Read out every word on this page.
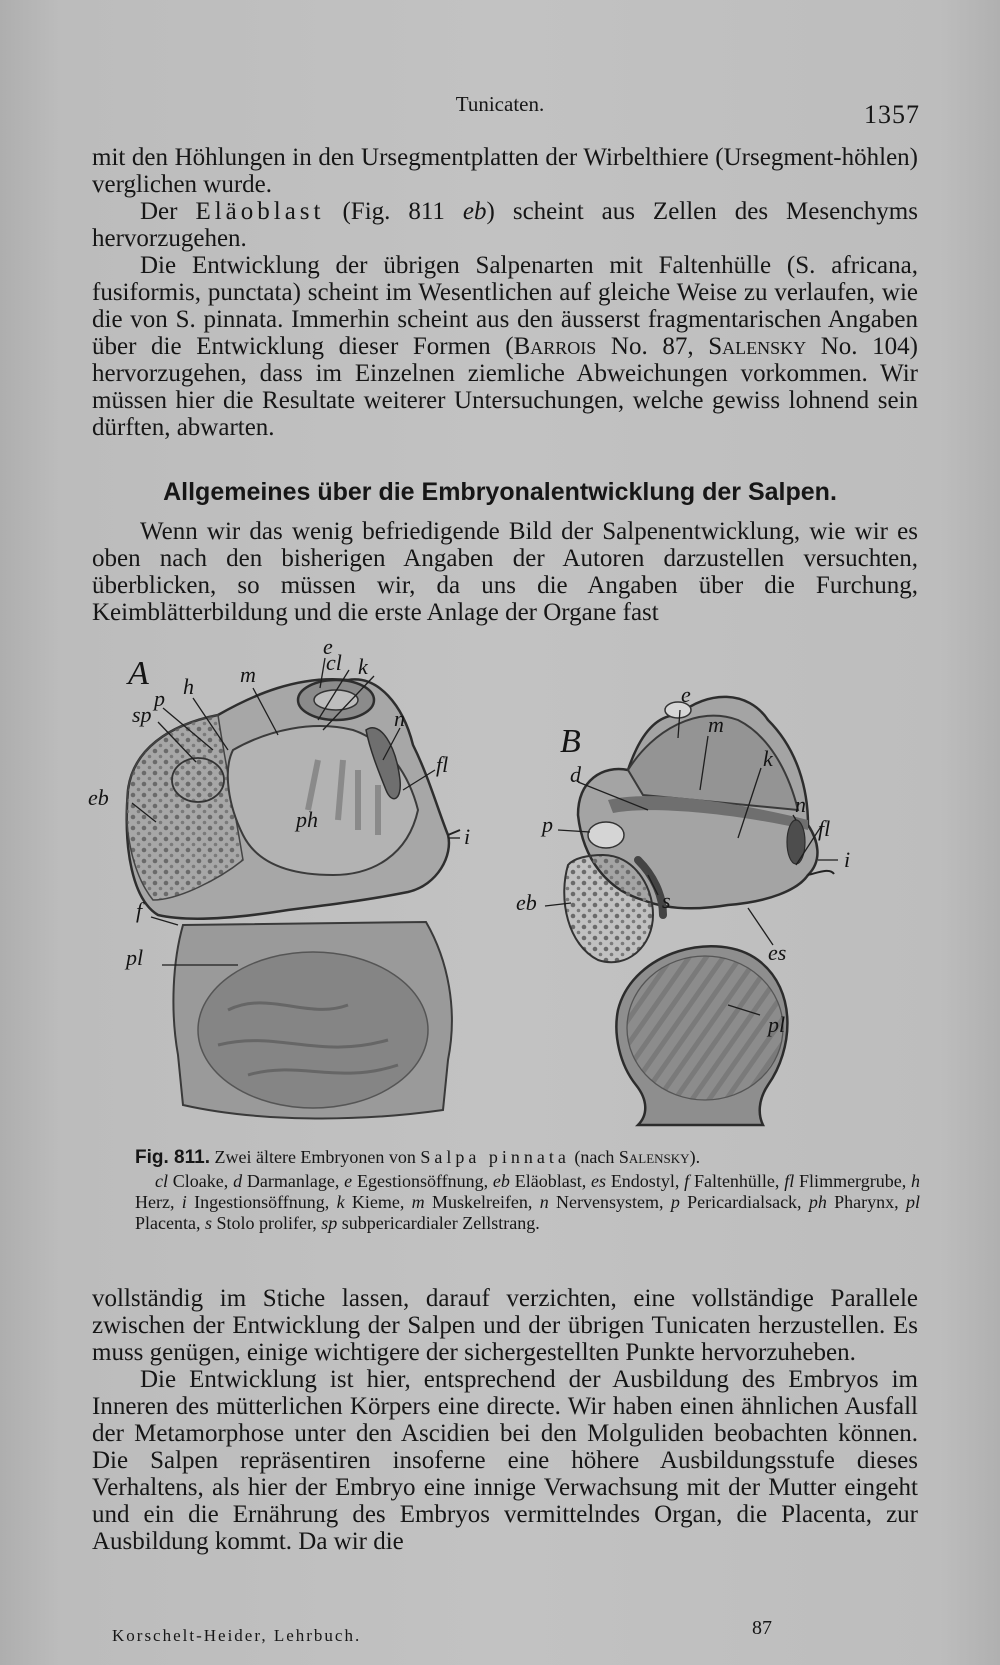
Tunicaten.	1357

mit den Höhlungen in den Ursegmentplatten der Wirbelthiere (Ursegment-höhlen) verglichen wurde.

Der Eläoblast (Fig. 811 eb) scheint aus Zellen des Mesenchyms hervorzugehen.

Die Entwicklung der übrigen Salpenarten mit Faltenhülle (S. africana, fusiformis, punctata) scheint im Wesentlichen auf gleiche Weise zu verlaufen, wie die von S. pinnata. Immerhin scheint aus den äusserst fragmentarischen Angaben über die Entwicklung dieser Formen (Barrois No. 87, Salensky No. 104) hervorzugehen, dass im Einzelnen ziemliche Abweichungen vorkommen. Wir müssen hier die Resultate weiterer Untersuchungen, welche gewiss lohnend sein dürften, abwarten.

Allgemeines über die Embryonalentwicklung der Salpen.

Wenn wir das wenig befriedigende Bild der Salpenentwicklung, wie wir es oben nach den bisherigen Angaben der Autoren darzustellen versuchten, überblicken, so müssen wir, da uns die Angaben über die Furchung, Keimblätterbildung und die erste Anlage der Organe fast

A
e
cl k
m
h
p
sp	n
fl
eb
ph
i
f
pl
e
B	m
k
d
n
p	fl
i
eb	s
es
pl

Fig. 811. Zwei ältere Embryonen von Salpa pinnata (nach Salensky).

cl Cloake, d Darmanlage, e Egestionsöffnung, eb Eläoblast, es Endostyl, f Faltenhülle, fl Flimmergrube, h Herz, i Ingestionsöffnung, k Kieme, m Muskelreifen, n Nervensystem, p Pericardialsack, ph Pharynx, pl Placenta, s Stolo prolifer, sp subpericardialer Zellstrang.

vollständig im Stiche lassen, darauf verzichten, eine vollständige Parallele zwischen der Entwicklung der Salpen und der übrigen Tunicaten herzustellen. Es muss genügen, einige wichtigere der sichergestellten Punkte hervorzuheben.

Die Entwicklung ist hier, entsprechend der Ausbildung des Embryos im Inneren des mütterlichen Körpers eine directe. Wir haben einen ähnlichen Ausfall der Metamorphose unter den Ascidien bei den Molguliden beobachten können. Die Salpen repräsentiren insoferne eine höhere Ausbildungsstufe dieses Verhaltens, als hier der Embryo eine innige Verwachsung mit der Mutter eingeht und ein die Ernährung des Embryos vermittelndes Organ, die Placenta, zur Ausbildung kommt. Da wir die

Korschelt-Heider, Lehrbuch.	87
